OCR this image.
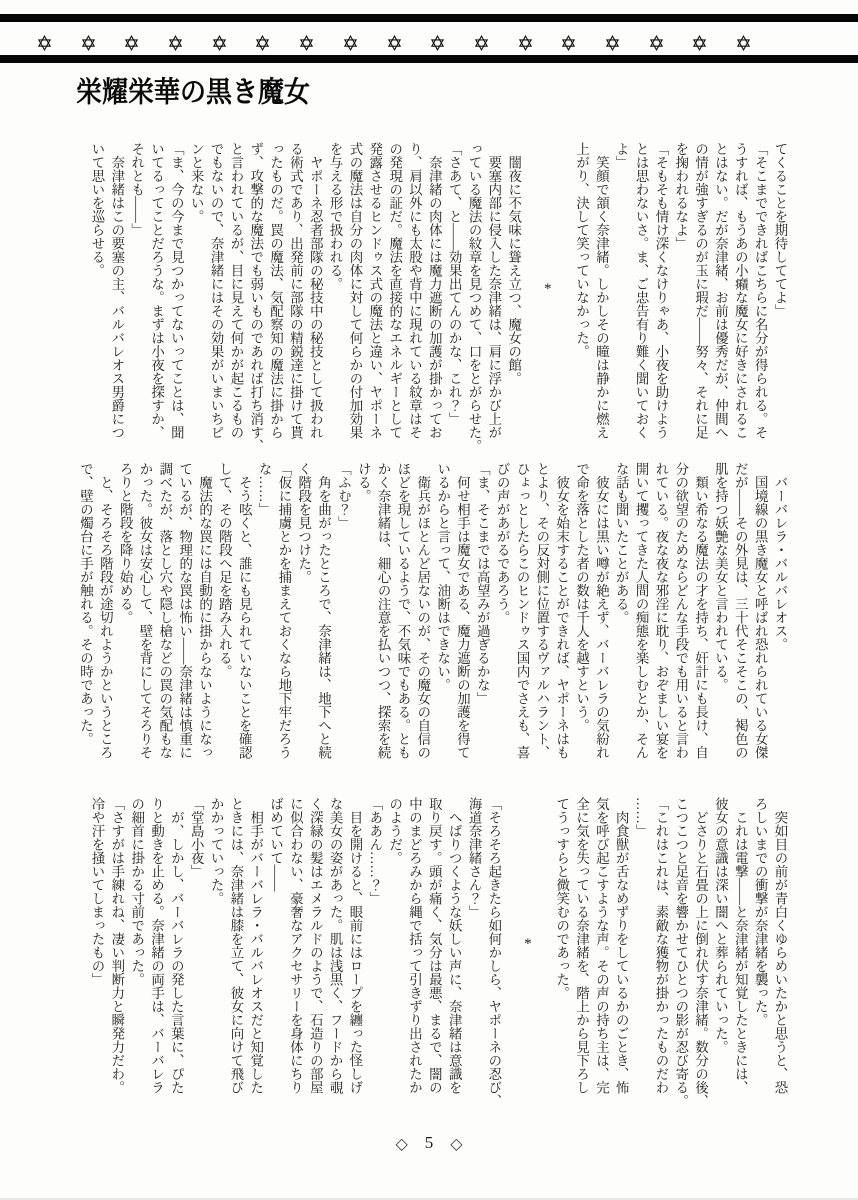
栄耀栄華の黒き魔女
てくることを期待しててよ」
「そこまでできればこちらに名分が得られる。そ
うすれば、もうあの小癪な魔女に好きにされるこ
とはない。だが奈津緒、お前は優秀だが、仲間へ
の情が強すぎるのが玉に瑕だ——努々、それに足
を掬われるなよ」
「そもそも情け深くなけりゃあ、小夜を助けよう
とは思わないさ。ま、ご忠告有り難く聞いておく
よ」
　笑顔で頷く奈津緒。しかしその瞳は静かに燃え
上がり、決して笑っていなかった。
*
　闇夜に不気味に聳え立つ、魔女の館。
　要塞内部に侵入した奈津緒は、肩に浮かび上が
っている魔法の紋章を見つめて、口をとがらせた。
「さあて、と——効果出てんのかな、これ？」
　奈津緒の肉体には魔力遮断の加護が掛かってお
り、肩以外にも太股や背中に現れている紋章はそ
の発現の証だ。魔法を直接的なエネルギーとして
発露させるヒンドゥス式の魔法と違い、ヤポーネ
式の魔法は自分の肉体に対して何らかの付加効果
を与える形で扱われる。
　ヤポーネ忍者部隊の秘技中の秘技として扱われ
る術式であり、出発前に部隊の精鋭達に掛けて貰
ったものだ。罠の魔法、気配察知の魔法に掛から
ず、攻撃的な魔法でも弱いものであれば打ち消す、
と言われているが、目に見えて何かが起こるもの
でもないので、奈津緒にはその効果がいまいちピ
ンと来ない。
「ま、今の今まで見つかってないってことは、聞
いてるってことだろうな。まずは小夜を探すか、
それとも——」
　奈津緒はこの要塞の主、バルバレオス男爵につ
いて思いを巡らせる。
　バーバレラ・バルバレオス。
　国境線の黒き魔女と呼ばれ恐れられている女傑
だが——その外見は、三十代そこそこの、褐色の
肌を持つ妖艶な美女と言われている。
　類い希なる魔法の才を持ち、奸計にも長け、自
分の欲望のためならどんな手段でも用いると言わ
れている。夜な夜な邪淫に耽り、おぞましい宴を
開いて攫ってきた人間の痴態を楽しむとか、そん
な話も聞いたことがある。
　彼女には黒い噂が絶えず、バーバレラの気紛れ
で命を落とした者の数は千人を越すという。
　彼女を始末することができれば、ヤポーネはも
とより、その反対側に位置するヴァルハラント、
ひょっとしたらこのヒンドゥス国内でさえも、喜
びの声があがるであろう。
「ま、そこまでは高望みが過ぎるかな」
　何せ相手は魔女である、魔力遮断の加護を得て
いるからと言って、油断はできない。
　衛兵がほとんど居ないのが、その魔女の自信の
ほどを現しているようで、不気味でもある。とも
かく奈津緒は、細心の注意を払いつつ、探索を続
ける。
「ふむ？」
　角を曲がったところで、奈津緒は、地下へと続
く階段を見つけた。
「仮に捕虜とかを捕まえておくなら地下牢だろう
な……」
　そう呟くと、誰にも見られていないことを確認
して、その階段へ足を踏み入れる。
　魔法的な罠には自動的に掛からないようになっ
ているが、物理的な罠は怖い——奈津緒は慎重に
調べたが、落とし穴や隠し槍などの罠の気配もな
かった。彼女は安心して、壁を背にしてそろりそ
ろりと階段を降り始める。
　と、そろそろ階段が途切れようかというところ
で、壁の燭台に手が触れる。その時であった。
　突如目の前が青白くゆらめいたかと思うと、恐
ろしいまでの衝撃が奈津緒を襲った。
　これは電撃——と奈津緒が知覚したときには、
彼女の意識は深い闇へと葬られていった。
　どさりと石畳の上に倒れ伏す奈津緒。数分の後、
こつこつと足音を響かせてひとつの影が忍び寄る。
「これはこれは、素敵な獲物が掛かったものだわ
……」
　肉食獣が舌なめずりをしているかのごとき、怖
気を呼び起こすような声。その声の持ち主は、完
全に気を失っている奈津緒を、階上から見下ろし
てうっすらと微笑むのであった。
*
「そろそろ起きたら如何かしら、ヤポーネの忍び、
海道奈津緒さん？」
　へばりつくような妖しい声に、奈津緒は意識を
取り戻す。頭が痛く、気分は最悪、まるで、闇の
中のまどろみから縄で括って引きずり出されたか
のようだ。
「ああん……？」
　目を開けると、眼前にはロープを纏った怪しげ
な美女の姿があった。肌は浅黒く、フードから覗
く深緑の髪はエメラルドのようで、石造りの部屋
に似合わない、豪奢なアクセサリーを身体にちり
ばめていて——
　相手がバーバレラ・バルバレオスだと知覚した
ときには、奈津緒は膝を立て、彼女に向けて飛び
かかっていった。
「堂島小夜」
　が、しかし、バーバレラの発した言葉に、ぴた
りと動きを止める。奈津緒の両手は、バーバレラ
の細首に掛かる寸前であった。
「さすがは手練れね、凄い判断力と瞬発力だわ。
冷や汗を掻いてしまったもの」
◇ 5 ◇
